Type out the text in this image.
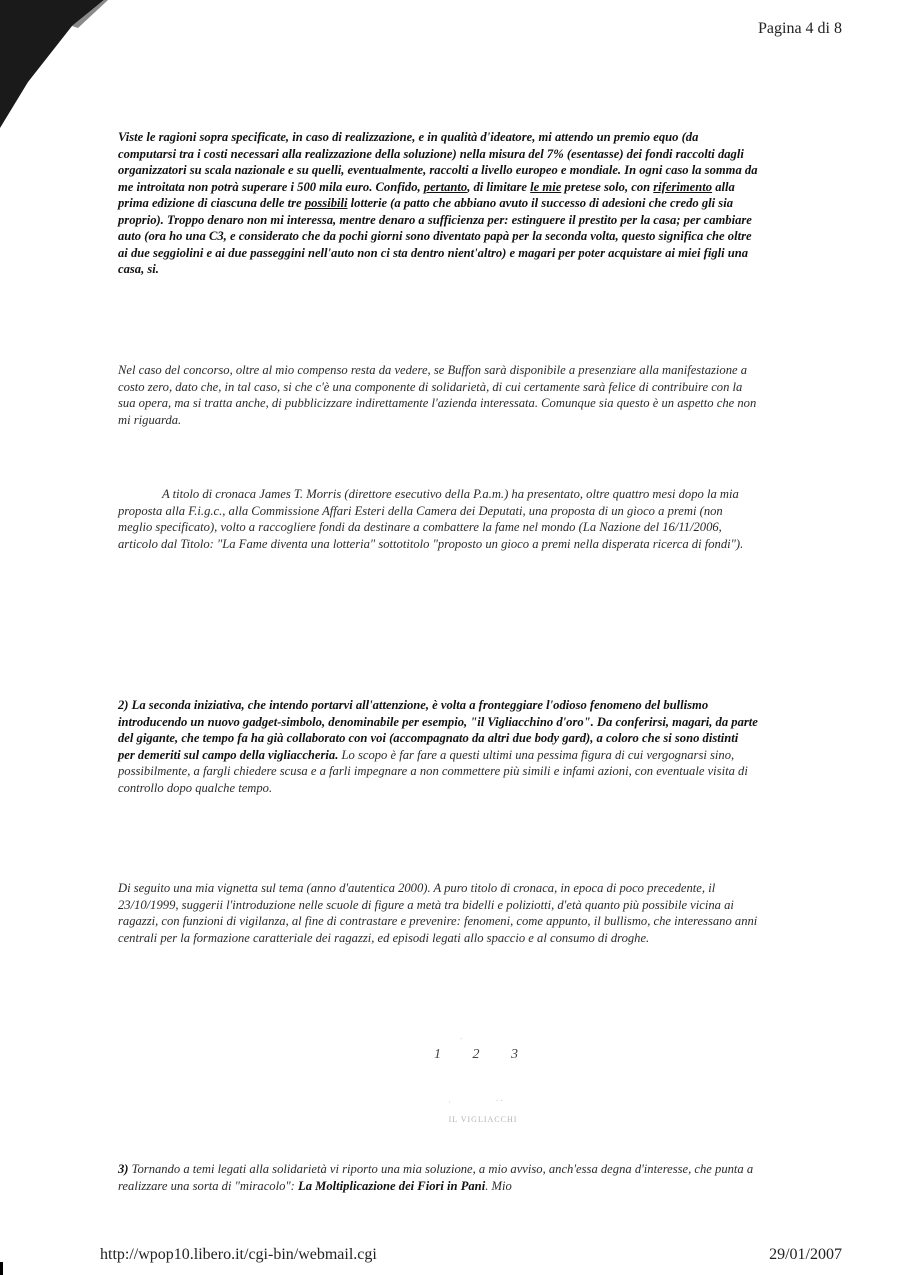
Pagina 4 di 8

Viste le ragioni sopra specificate, in caso di realizzazione, e in qualità d'ideatore, mi attendo un premio equo (da computarsi tra i costi necessari alla realizzazione della soluzione) nella misura del 7% (esentasse) dei fondi raccolti dagli organizzatori su scala nazionale e su quelli, eventualmente, raccolti a livello europeo e mondiale. In ogni caso la somma da me introitata non potrà superare i 500 mila euro. Confido, pertanto, di limitare le mie pretese solo, con riferimento alla prima edizione di ciascuna delle tre possibili lotterie (a patto che abbiano avuto il successo di adesioni che credo gli sia proprio). Troppo denaro non mi interessa, mentre denaro a sufficienza per: estinguere il prestito per la casa; per cambiare auto (ora ho una C3, e considerato che da pochi giorni sono diventato papà per la seconda volta, questo significa che oltre ai due seggiolini e ai due passeggini nell'auto non ci sta dentro nient'altro) e magari per poter acquistare ai miei figli una casa, si.

Nel caso del concorso, oltre al mio compenso resta da vedere, se Buffon sarà disponibile a presenziare alla manifestazione a costo zero, dato che, in tal caso, si che c'è una componente di solidarietà, di cui certamente sarà felice di contribuire con la sua opera, ma si tratta anche, di pubblicizzare indirettamente l'azienda interessata. Comunque sia questo è un aspetto che non mi riguarda.

A titolo di cronaca James T. Morris (direttore esecutivo della P.a.m.) ha presentato, oltre quattro mesi dopo la mia proposta alla F.i.g.c., alla Commissione Affari Esteri della Camera dei Deputati, una proposta di un gioco a premi (non meglio specificato), volto a raccogliere fondi da destinare a combattere la fame nel mondo (La Nazione del 16/11/2006, articolo dal Titolo: "La Fame diventa una lotteria" sottotitolo "proposto un gioco a premi nella disperata ricerca di fondi").

2) La seconda iniziativa, che intendo portarvi all'attenzione, è volta a fronteggiare l'odioso fenomeno del bullismo introducendo un nuovo gadget-simbolo, denominabile per esempio, "il Vigliacchino d'oro". Da conferirsi, magari, da parte del gigante, che tempo fa ha già collaborato con voi (accompagnato da altri due body gard), a coloro che si sono distinti per demeriti sul campo della vigliaccheria. Lo scopo è far fare a questi ultimi una pessima figura di cui vergognarsi sino, possibilmente, a fargli chiedere scusa e a farli impegnare a non commettere più simili e infami azioni, con eventuale visita di controllo dopo qualche tempo.

Di seguito una mia vignetta sul tema (anno d'autentica 2000). A puro titolo di cronaca, in epoca di poco precedente, il 23/10/1999, suggerii l'introduzione nelle scuole di figure a metà tra bidelli e poliziotti, d'età quanto più possibile vicina ai ragazzi, con funzioni di vigilanza, al fine di contrastare e prevenire: fenomeni, come appunto, il bullismo, che interessano anni centrali per la formazione caratteriale dei ragazzi, ed episodi legati allo spaccio e al consumo di droghe.

.
. .
·
1 2 3
IL VIGLIACCHI

3) Tornando a temi legati alla solidarietà vi riporto una mia soluzione, a mio avviso, anch'essa degna d'interesse, che punta a realizzare una sorta di "miracolo": La Moltiplicazione dei Fiori in Pani. Mio

http://wpop10.libero.it/cgi-bin/webmail.cgi	29/01/2007
